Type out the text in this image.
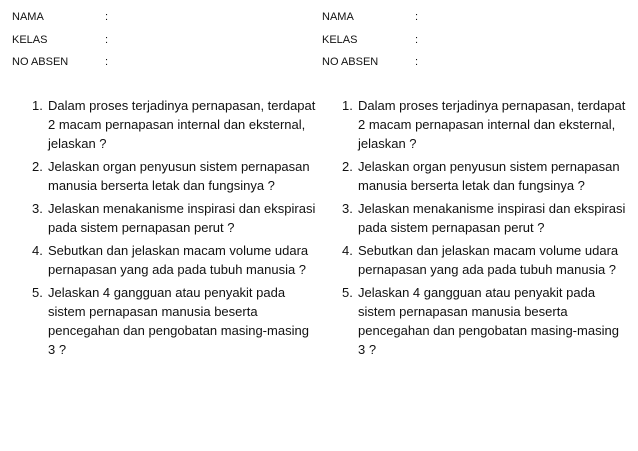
NAMA	:
KELAS	:
NO ABSEN	:
1. Dalam proses terjadinya pernapasan, terdapat 2 macam pernapasan internal dan eksternal, jelaskan ?
2. Jelaskan organ penyusun sistem pernapasan manusia berserta letak dan fungsinya ?
3. Jelaskan menakanisme inspirasi dan ekspirasi pada sistem pernapasan perut ?
4. Sebutkan dan jelaskan macam volume udara pernapasan yang ada pada tubuh manusia ?
5. Jelaskan 4 gangguan atau penyakit pada sistem pernapasan manusia beserta pencegahan dan pengobatan masing-masing 3 ?
NAMA	:
KELAS	:
NO ABSEN	:
1. Dalam proses terjadinya pernapasan, terdapat 2 macam pernapasan internal dan eksternal, jelaskan ?
2. Jelaskan organ penyusun sistem pernapasan manusia berserta letak dan fungsinya ?
3. Jelaskan menakanisme inspirasi dan ekspirasi pada sistem pernapasan perut ?
4. Sebutkan dan jelaskan macam volume udara pernapasan yang ada pada tubuh manusia ?
5. Jelaskan 4 gangguan atau penyakit pada sistem pernapasan manusia beserta pencegahan dan pengobatan masing-masing 3 ?
